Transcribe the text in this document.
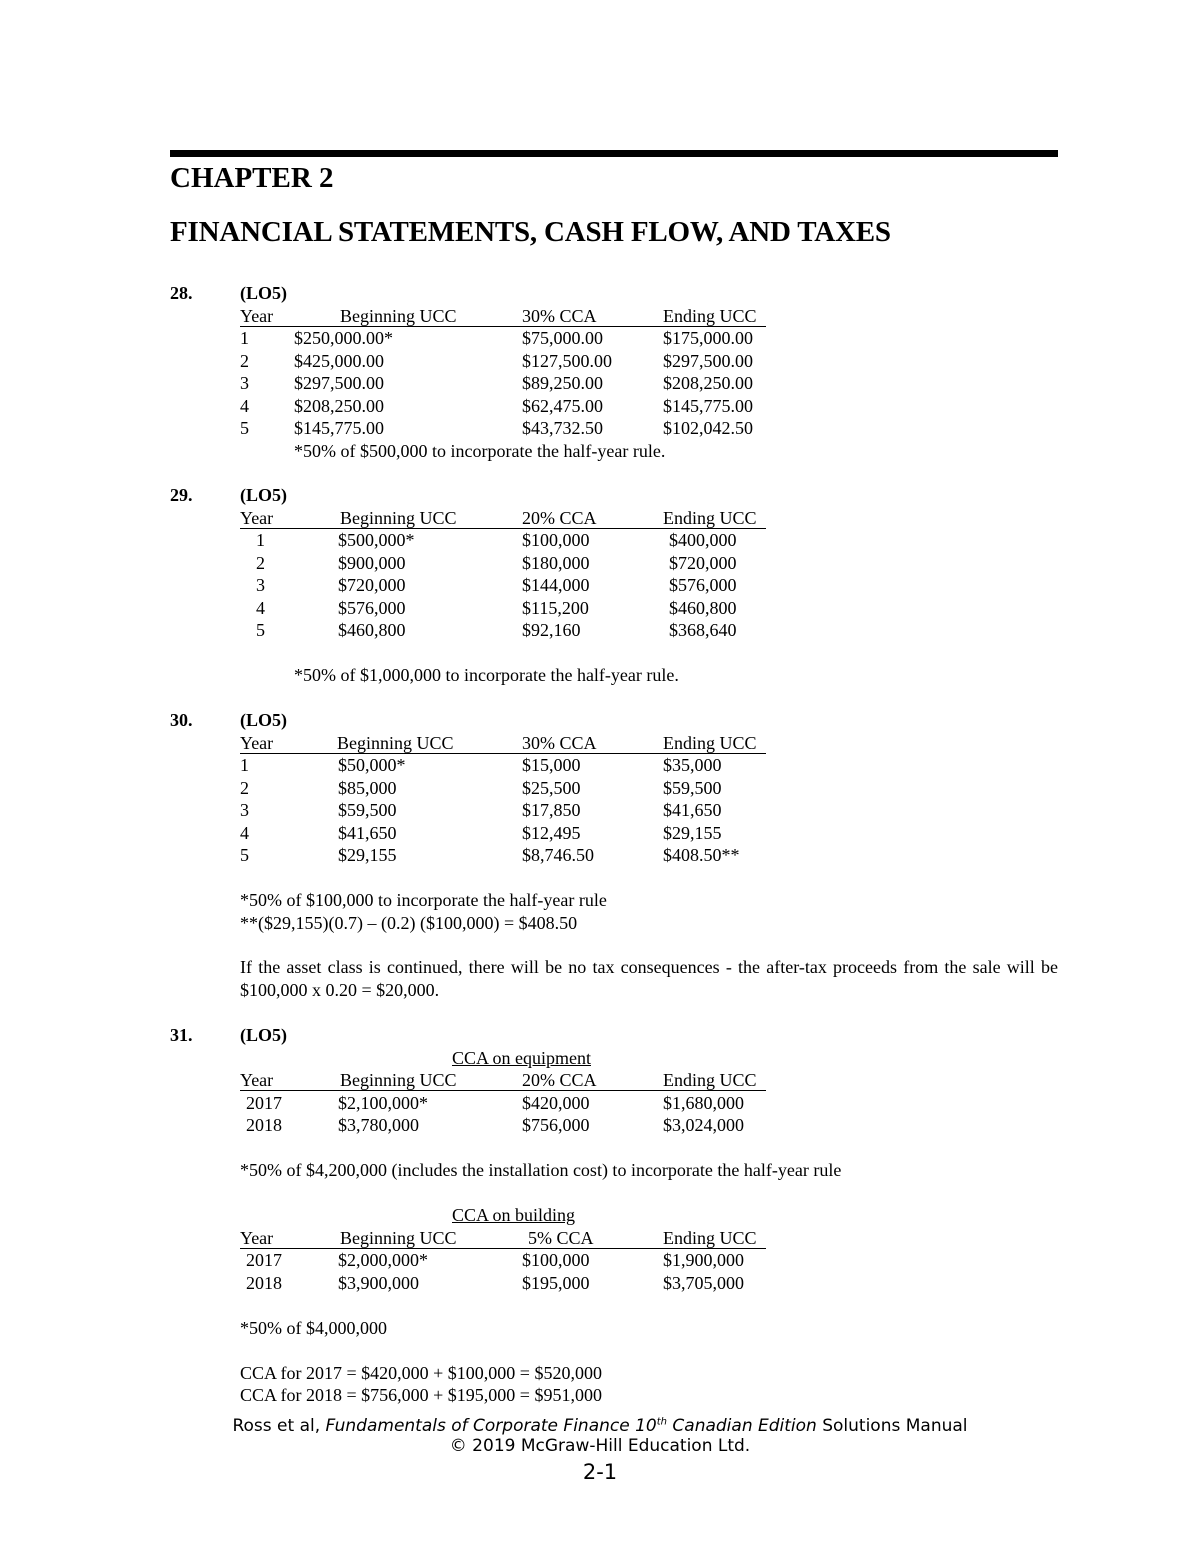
CHAPTER 2
FINANCIAL STATEMENTS, CASH FLOW, AND TAXES
28.	(LO5)
Year	Beginning UCC	30% CCA	Ending UCC
1	$250,000.00*	$75,000.00	$175,000.00
2	$425,000.00	$127,500.00	$297,500.00
3	$297,500.00	$89,250.00	$208,250.00
4	$208,250.00	$62,475.00	$145,775.00
5	$145,775.00	$43,732.50	$102,042.50
*50% of $500,000 to incorporate the half-year rule.
29.	(LO5)
Year	Beginning UCC	20% CCA	Ending UCC
1	$500,000*	$100,000	$400,000
2	$900,000	$180,000	$720,000
3	$720,000	$144,000	$576,000
4	$576,000	$115,200	$460,800
5	$460,800	$92,160	$368,640
*50% of $1,000,000 to incorporate the half-year rule.
30.	(LO5)
Year	Beginning UCC	30% CCA	Ending UCC
1	$50,000*	$15,000	$35,000
2	$85,000	$25,500	$59,500
3	$59,500	$17,850	$41,650
4	$41,650	$12,495	$29,155
5	$29,155	$8,746.50	$408.50**
*50% of $100,000 to incorporate the half-year rule
**($29,155)(0.7) – (0.2) ($100,000) = $408.50

If the asset class is continued, there will be no tax consequences - the after-tax proceeds from the sale will be $100,000 x 0.20 = $20,000.

31.	(LO5)
CCA on equipment
Year	Beginning UCC	20% CCA	Ending UCC
2017	$2,100,000*	$420,000	$1,680,000
2018	$3,780,000	$756,000	$3,024,000
*50% of $4,200,000 (includes the installation cost) to incorporate the half-year rule
CCA on building
Year	Beginning UCC	5% CCA	Ending UCC
2017	$2,000,000*	$100,000	$1,900,000
2018	$3,900,000	$195,000	$3,705,000
*50% of $4,000,000
CCA for 2017 = $420,000 + $100,000 = $520,000
CCA for 2018 = $756,000 + $195,000 = $951,000
Ross et al, Fundamentals of Corporate Finance 10th Canadian Edition Solutions Manual
© 2019 McGraw-Hill Education Ltd.
2-1
